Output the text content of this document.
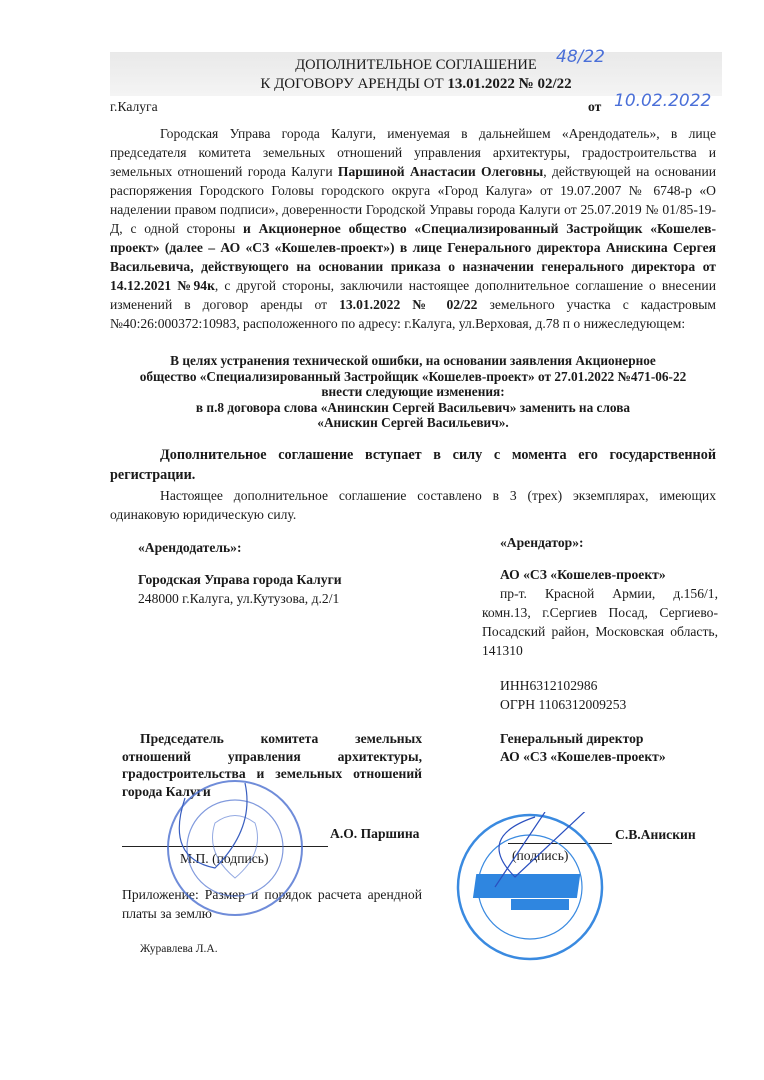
ДОПОЛНИТЕЛЬНОЕ СОГЛАШЕНИЕ	48/22
К ДОГОВОРУ АРЕНДЫ ОТ 13.01.2022 № 02/22
г.Калуга	от 10.02.2022
Городская Управа города Калуги, именуемая в дальнейшем «Арендодатель», в лице председателя комитета земельных отношений управления архитектуры, градостроительства и земельных отношений города Калуги Паршиной Анастасии Олеговны, действующей на основании распоряжения Городского Головы городского округа «Город Калуга» от 19.07.2007 № 6748-р «О наделении правом подписи», доверенности Городской Управы города Калуги от 25.07.2019 № 01/85-19-Д, с одной стороны и Акционерное общество «Специализированный Застройщик «Кошелев-проект» (далее – АО «СЗ «Кошелев-проект») в лице Генерального директора Анискина Сергея Васильевича, действующего на основании приказа о назначении генерального директора от 14.12.2021 №94к, с другой стороны, заключили настоящее дополнительное соглашение о внесении изменений в договор аренды от 13.01.2022 № 02/22 земельного участка с кадастровым №40:26:000372:10983, расположенного по адресу: г.Калуга, ул.Верховая, д.78 п о нижеследующем:
В целях устранения технической ошибки, на основании заявления Акционерное
общество «Специализированный Застройщик «Кошелев-проект» от 27.01.2022 №471-06-22
внести следующие изменения:
в п.8 договора слова «Анинскин Сергей Васильевич» заменить на слова
«Анискин Сергей Васильевич».
Дополнительное соглашение вступает в силу с момента его государственной регистрации.
Настоящее дополнительное соглашение составлено в 3 (трех) экземплярах, имеющих одинаковую юридическую силу.
«Арендодатель»:
Городская Управа города Калуги
248000 г.Калуга, ул.Кутузова, д.2/1
«Арендатор»:
АО «СЗ «Кошелев-проект»
пр-т. Красной Армии, д.156/1, комн.13, г.Сергиев Посад, Сергиево-Посадский район, Московская область, 141310
ИНН6312102986
ОГРН 1106312009253
Председатель комитета земельных отношений управления архитектуры, градостроительства и земельных отношений города Калуги
А.О. Паршина
М.П. (подпись)
Приложение: Размер и порядок расчета арендной платы за землю
Журавлева Л.А.
Генеральный директор
АО «СЗ «Кошелев-проект»
С.В.Анискин
(подпись)
